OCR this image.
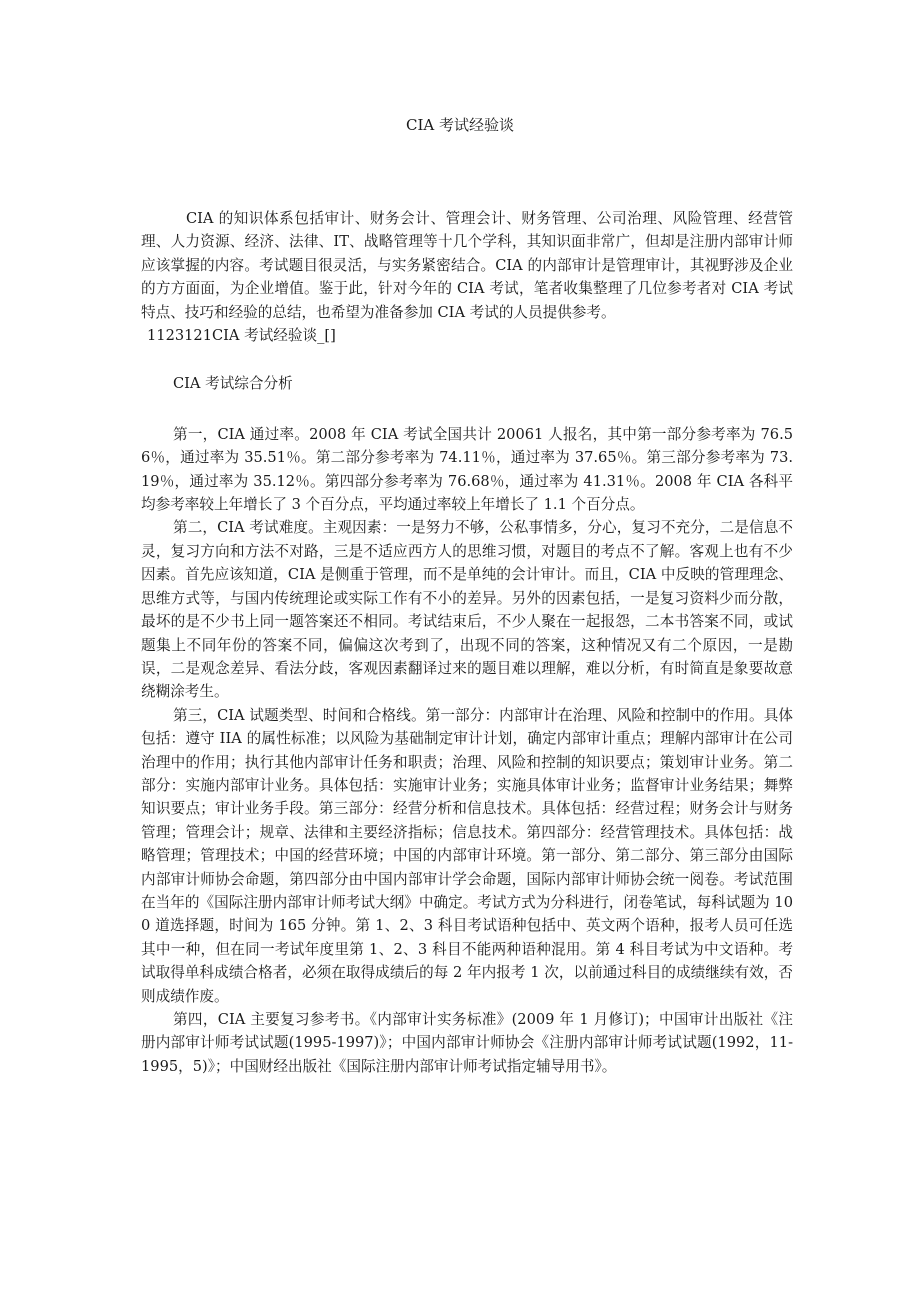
CIA 考试经验谈

CIA 的知识体系包括审计、财务会计、管理会计、财务管理、公司治理、风险管理、经营管理、人力资源、经济、法律、IT、战略管理等十几个学科，其知识面非常广，但却是注册内部审计师应该掌握的内容。考试题目很灵活，与实务紧密结合。CIA 的内部审计是管理审计，其视野涉及企业的方方面面，为企业增值。鉴于此，针对今年的 CIA 考试，笔者收集整理了几位参考者对 CIA 考试特点、技巧和经验的总结，也希望为准备参加 CIA 考试的人员提供参考。

1123121CIA 考试经验谈_[]

CIA 考试综合分析

第一，CIA 通过率。2008 年 CIA 考试全国共计 20061 人报名，其中第一部分参考率为 76.56％，通过率为 35.51％。第二部分参考率为 74.11％，通过率为 37.65％。第三部分参考率为 73.19％，通过率为 35.12％。第四部分参考率为 76.68％，通过率为 41.31％。2008 年 CIA 各科平均参考率较上年增长了 3 个百分点，平均通过率较上年增长了 1.1 个百分点。

第二，CIA 考试难度。主观因素：一是努力不够，公私事情多，分心，复习不充分，二是信息不灵，复习方向和方法不对路，三是不适应西方人的思维习惯，对题目的考点不了解。客观上也有不少因素。首先应该知道，CIA 是侧重于管理，而不是单纯的会计审计。而且，CIA 中反映的管理理念、思维方式等，与国内传统理论或实际工作有不小的差异。另外的因素包括，一是复习资料少而分散，最坏的是不少书上同一题答案还不相同。考试结束后，不少人聚在一起报怨，二本书答案不同，或试题集上不同年份的答案不同，偏偏这次考到了，出现不同的答案，这种情况又有二个原因，一是勘误，二是观念差异、看法分歧，客观因素翻译过来的题目难以理解，难以分析，有时简直是象要故意绕糊涂考生。

第三，CIA 试题类型、时间和合格线。第一部分：内部审计在治理、风险和控制中的作用。具体包括：遵守 IIA 的属性标准；以风险为基础制定审计计划，确定内部审计重点；理解内部审计在公司治理中的作用；执行其他内部审计任务和职责；治理、风险和控制的知识要点；策划审计业务。第二部分：实施内部审计业务。具体包括：实施审计业务；实施具体审计业务；监督审计业务结果；舞弊知识要点；审计业务手段。第三部分：经营分析和信息技术。具体包括：经营过程；财务会计与财务管理；管理会计；规章、法律和主要经济指标；信息技术。第四部分：经营管理技术。具体包括：战略管理；管理技术；中国的经营环境；中国的内部审计环境。第一部分、第二部分、第三部分由国际内部审计师协会命题，第四部分由中国内部审计学会命题，国际内部审计师协会统一阅卷。考试范围在当年的《国际注册内部审计师考试大纲》中确定。考试方式为分科进行，闭卷笔试，每科试题为 100 道选择题，时间为 165 分钟。第 1、2、3 科目考试语种包括中、英文两个语种，报考人员可任选其中一种，但在同一考试年度里第 1、2、3 科目不能两种语种混用。第 4 科目考试为中文语种。考试取得单科成绩合格者，必须在取得成绩后的每 2 年内报考 1 次，以前通过科目的成绩继续有效，否则成绩作废。

第四，CIA 主要复习参考书。《内部审计实务标准》(2009 年 1 月修订)；中国审计出版社《注册内部审计师考试试题(1995-1997)》；中国内部审计师协会《注册内部审计师考试试题(1992，11-1995，5)》；中国财经出版社《国际注册内部审计师考试指定辅导用书》。
